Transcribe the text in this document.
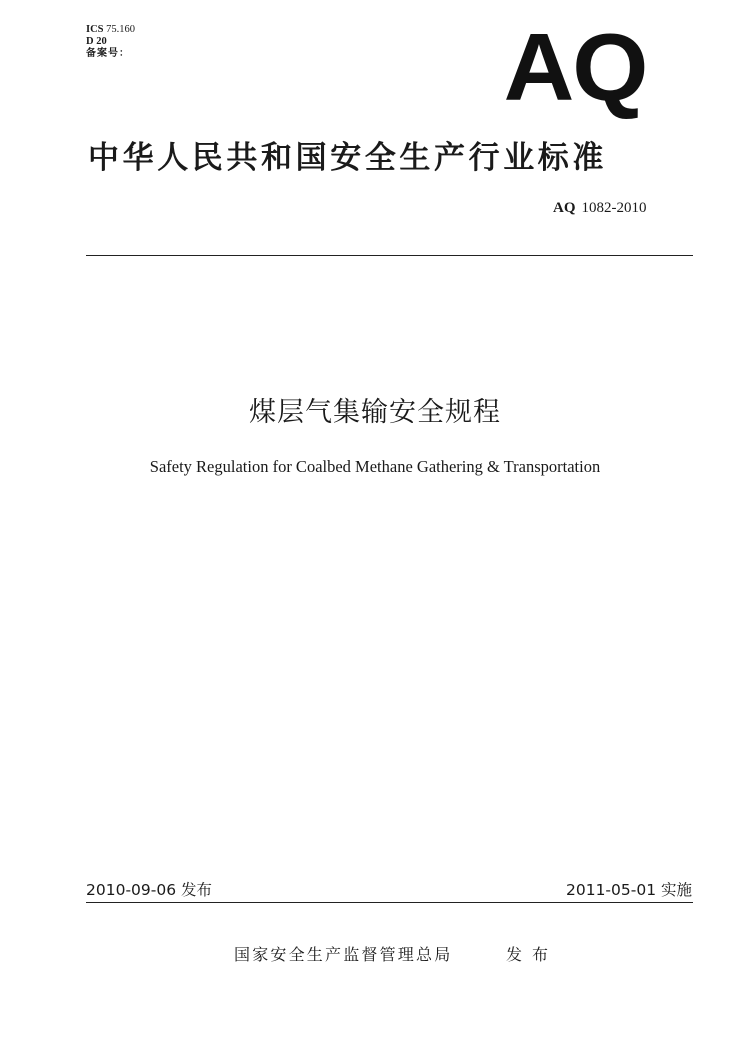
ICS 75.160
D 20
备案号：	AQ
中华人民共和国安全生产行业标准
AQ 1082-2010
煤层气集输安全规程
Safety Regulation for Coalbed Methane Gathering & Transportation
2010-09-06 发布	2011-05-01 实施
国家安全生产监督管理总局	发布
